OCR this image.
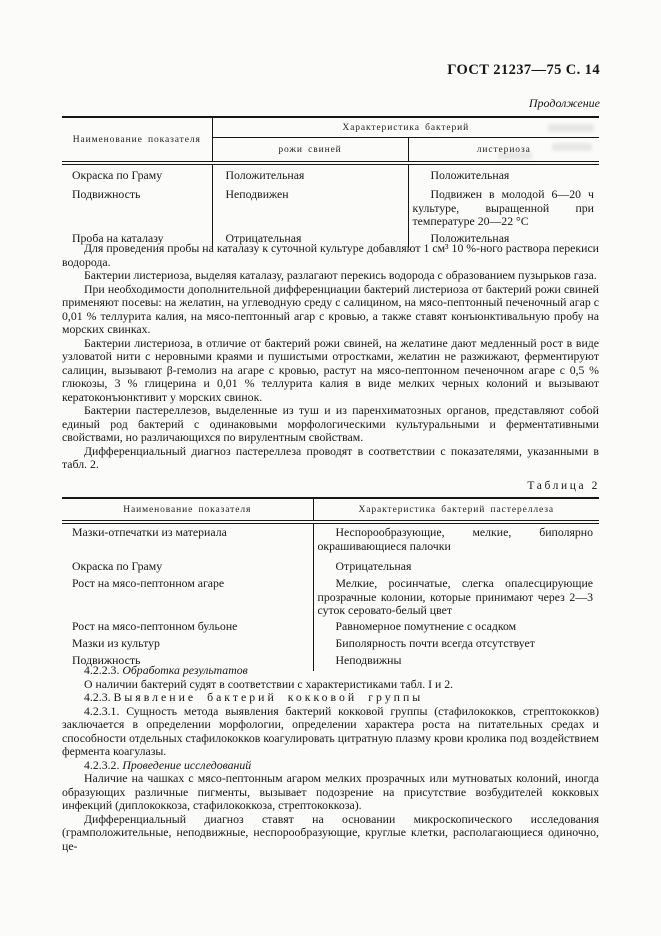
ГОСТ 21237—75 С. 14
Продолжение
Наименование показателя	Характеристика бактерий	
	рожи свиней	листериоза
Окраска по Граму	Положительная	Положительная
Подвижность	Неподвижен	Подвижен в молодой 6—20 ч культуре, выращенной при температуре 20—22 °С
Проба на каталазу	Отрицательная	Положительная

Для проведения пробы на каталазу к суточной культуре добавляют 1 см³ 10 %-ного раствора перекиси водорода.

Бактерии листериоза, выделяя каталазу, разлагают перекись водорода с образованием пузырьков газа.

При необходимости дополнительной дифференциации бактерий листериоза от бактерий рожи свиней применяют посевы: на желатин, на углеводную среду с салицином, на мясо-пептонный печеночный агар с 0,01 % теллурита калия, на мясо-пептонный агар с кровью, а также ставят конъюнктивальную пробу на морских свинках.

Бактерии листериоза, в отличие от бактерий рожи свиней, на желатине дают медленный рост в виде узловатой нити с неровными краями и пушистыми отростками, желатин не разжижают, ферментируют салицин, вызывают β-гемолиз на агаре с кровью, растут на мясо-пептонном печеночном агаре с 0,5 % глюкозы, 3 % глицерина и 0,01 % теллурита калия в виде мелких черных колоний и вызывают кератоконъюнктивит у морских свинок.

Бактерии пастереллезов, выделенные из туш и из паренхиматозных органов, представляют собой единый род бактерий с одинаковыми морфологическими культуральными и ферментативными свойствами, но различающихся по вирулентным свойствам.

Дифференциальный диагноз пастереллеза проводят в соответствии с показателями, указанными в табл. 2.

Таблица 2
Наименование показателя	Характеристика бактерий пастереллеза
Мазки-отпечатки из материала	Неспорообразующие, мелкие, биполярно окрашивающиеся палочки
Окраска по Граму	Отрицательная
Рост на мясо-пептонном агаре	Мелкие, росинчатые, слегка опалесцирующие прозрачные колонии, которые принимают через 2—3 суток серовато-белый цвет
Рост на мясо-пептонном бульоне	Равномерное помутнение с осадком
Мазки из культур	Биполярность почти всегда отсутствует
Подвижность	Неподвижны

4.2.2.3. Обработка результатов

О наличии бактерий судят в соответствии с характеристиками табл. I и 2.

4.2.3. Выявление бактерий кокковой группы

4.2.3.1. Сущность метода выявления бактерий кокковой группы (стафилококков, стрептококков) заключается в определении морфологии, определении характера роста на питательных средах и способности отдельных стафилококков коагулировать цитратную плазму крови кролика под воздействием фермента коагулазы.

4.2.3.2. Проведение исследований

Наличие на чашках с мясо-пептонным агаром мелких прозрачных или мутноватых колоний, иногда образующих различные пигменты, вызывает подозрение на присутствие возбудителей кокковых инфекций (диплококкоза, стафилококкоза, стрептококкоза).

Дифференциальный диагноз ставят на основании микроскопического исследования (грамположительные, неподвижные, неспорообразующие, круглые клетки, располагающиеся одиночно, це-
